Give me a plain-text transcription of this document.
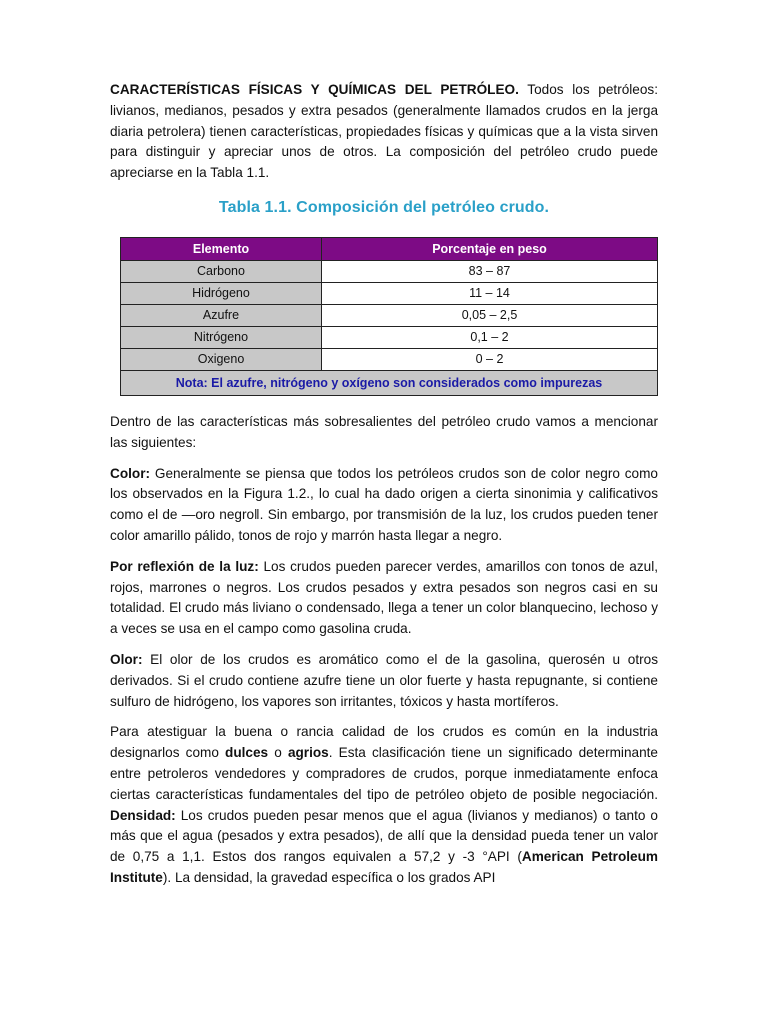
CARACTERÍSTICAS FÍSICAS Y QUÍMICAS DEL PETRÓLEO. Todos los petróleos: livianos, medianos, pesados y extra pesados (generalmente llamados crudos en la jerga diaria petrolera) tienen características, propiedades físicas y químicas que a la vista sirven para distinguir y apreciar unos de otros. La composición del petróleo crudo puede apreciarse en la Tabla 1.1.

Tabla 1.1. Composición del petróleo crudo.
Elemento	Porcentaje en peso
Carbono	83 – 87
Hidrógeno	11 – 14
Azufre	0,05 – 2,5
Nitrógeno	0,1 – 2
Oxigeno	0 – 2
Nota: El azufre, nitrógeno y oxígeno son considerados como impurezas	

Dentro de las características más sobresalientes del petróleo crudo vamos a mencionar las siguientes:

Color: Generalmente se piensa que todos los petróleos crudos son de color negro como los observados en la Figura 1.2., lo cual ha dado origen a cierta sinonimia y calificativos como el de ―oro negro‖. Sin embargo, por transmisión de la luz, los crudos pueden tener color amarillo pálido, tonos de rojo y marrón hasta llegar a negro.

Por reflexión de la luz: Los crudos pueden parecer verdes, amarillos con tonos de azul, rojos, marrones o negros. Los crudos pesados y extra pesados son negros casi en su totalidad. El crudo más liviano o condensado, llega a tener un color blanquecino, lechoso y a veces se usa en el campo como gasolina cruda.

Olor: El olor de los crudos es aromático como el de la gasolina, querosén u otros derivados. Si el crudo contiene azufre tiene un olor fuerte y hasta repugnante, si contiene sulfuro de hidrógeno, los vapores son irritantes, tóxicos y hasta mortíferos.

Para atestiguar la buena o rancia calidad de los crudos es común en la industria designarlos como dulces o agrios. Esta clasificación tiene un significado determinante entre petroleros vendedores y compradores de crudos, porque inmediatamente enfoca ciertas características fundamentales del tipo de petróleo objeto de posible negociación. Densidad: Los crudos pueden pesar menos que el agua (livianos y medianos) o tanto o más que el agua (pesados y extra pesados), de allí que la densidad pueda tener un valor de 0,75 a 1,1. Estos dos rangos equivalen a 57,2 y -3 °API (American Petroleum Institute). La densidad, la gravedad específica o los grados API
